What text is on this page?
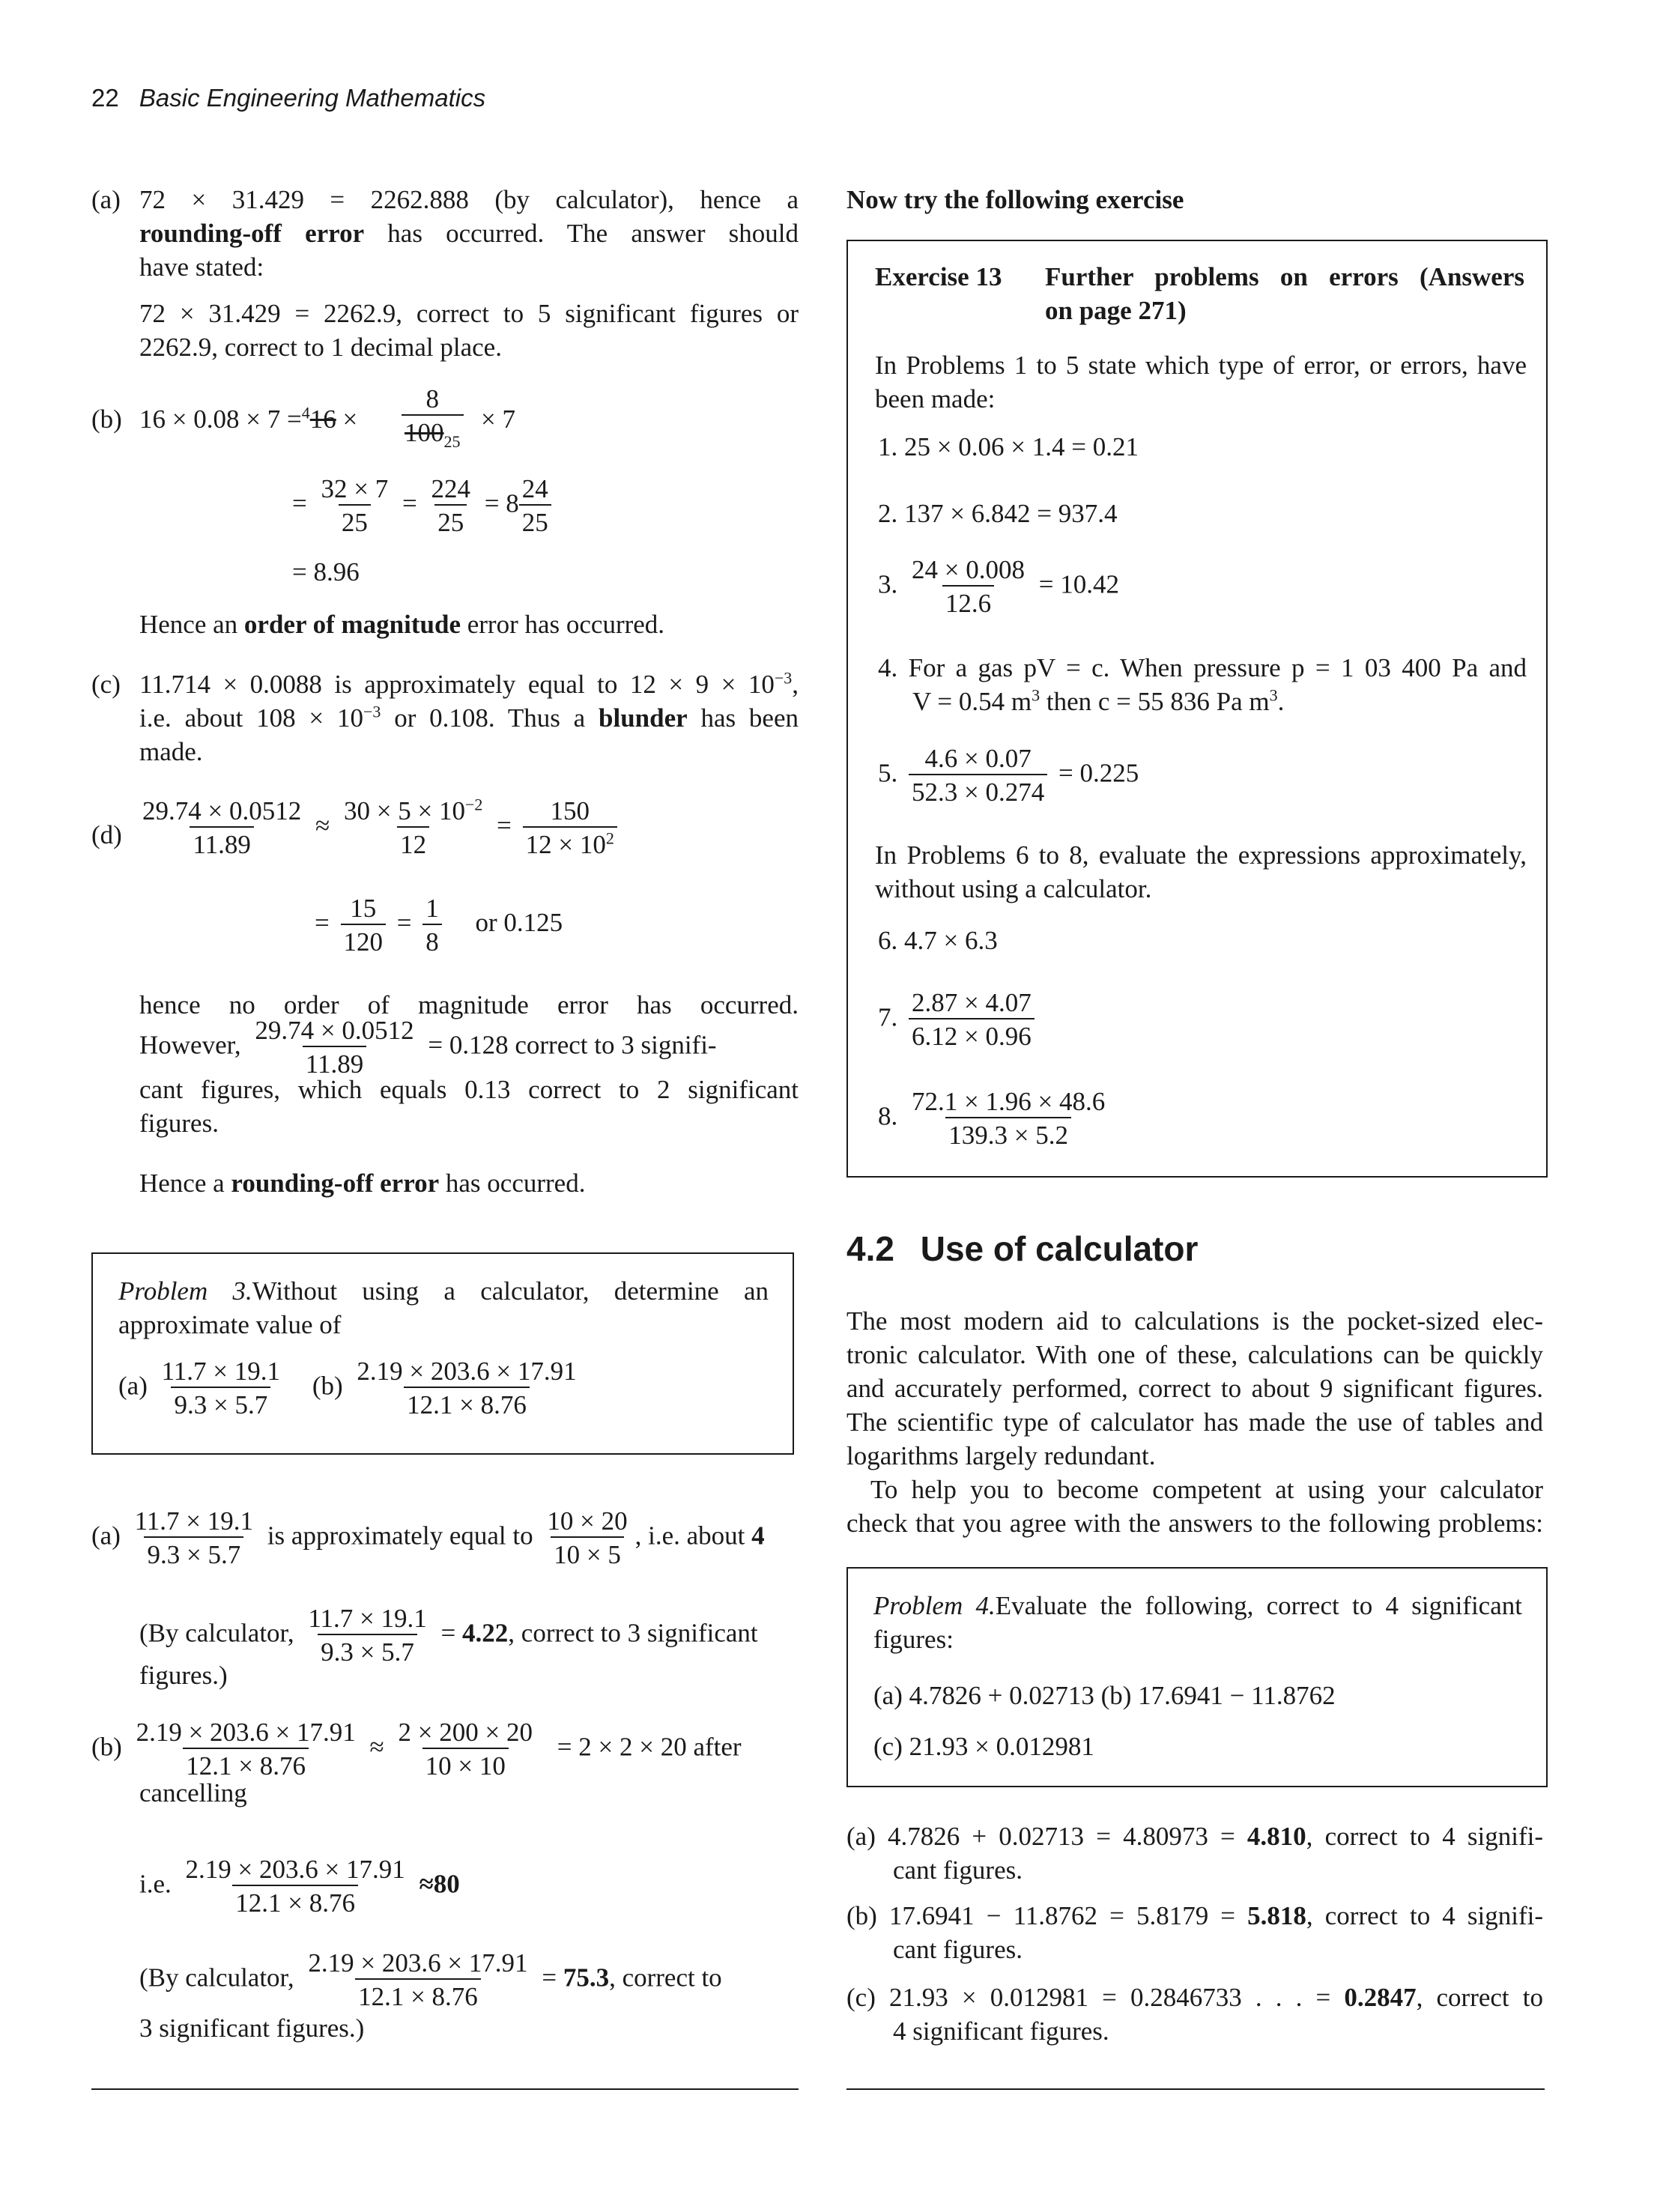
22 Basic Engineering Mathematics
(a) 72 × 31.429 = 2262.888 (by calculator), hence a
rounding-off error has occurred. The answer should
have stated:
72 × 31.429 = 2262.9, correct to 5 significant figures or
2262.9, correct to 1 decimal place.
(b) $16 \times 0.08 \times 7 =^416 \times \frac{8}{100_{25}} \times 7$
= $\frac{32 \times 7}{25} = \frac{224}{25} = 8 \frac{24}{25}$
= 8.96
Hence an order of magnitude error has occurred.
(c) 11.714 × 0.0088 is approximately equal to $12 \times 9 \times 10^{-3}$,
i.e. about $108 \times 10^{-3}$ or 0.108. Thus a blunder has been
made.
$(d) \frac{29.74 \times 0.0512}{11.89} \approx \frac{30 \times 5 \times 10^{-2}}{12} = \frac{150}{12 \times 10^2}$
= $\frac{15}{120} = \frac{1}{8}$ or 0.125
hence no order of magnitude error has occurred.
However, $\frac{29.74 \times 0.0512}{11.89} = 0.128$ correct to 3 signifi-
cant figures, which equals 0.13 correct to 2 significant
figures.
Hence a rounding-off error has occurred.
Problem 3.Without using a calculator, determine an
approximate value of
$(a) \frac{11.7 \times 19.1}{9.3 \times 5.7} (b) \frac{2.19 \times 203.6 \times 17.91}{12.1 \times 8.76}$
$(a) \frac{11.7 \times 19.1}{9.3 \times 5.7}$ is approximately equal to $\frac{10 \times 20}{10 \times 5}$ , i.e. about 4
(By calculator, $\frac{11.7 \times 19.1}{9.3 \times 5.7} = 4.22$, correct to 3 significant
figures.)
$(b) \frac{2.19 \times 203.6 \times 17.91}{12.1 \times 8.76} \approx \frac{2 \times 200 \times 20}{10 \times 10} = 2 \times 2 \times 20$ after
cancelling
i.e. $\frac{2.19 \times 203.6 \times 17.91}{12.1 \times 8.76} \approx 80$
(By calculator, $\frac{2.19 \times 203.6 \times 17.91}{12.1 \times 8.76} = 75.3$, correct to
3 significant figures.)
Now try the following exercise
Exercise 13 Further problems on errors (Answers
on page 271)
In Problems 1 to 5 state which type of error, or errors, have
been made:
1. 25 × 0.06 × 1.4 = 0.21
2. 137 × 6.842 = 937.4
3. $\frac{24 \times 0.008}{12.6} = 10.42$
4. For a gas pV = c. When pressure p = 1 03 400 Pa and
V = 0.54 $m^3$ then c = 55 836 Pa $m^3$.
5. $\frac{4.6 \times 0.07}{52.3 \times 0.274} = 0.225$
In Problems 6 to 8, evaluate the expressions approximately,
without using a calculator.
6. 4.7 × 6.3
7. $\frac{2.87 \times 4.07}{6.12 \times 0.96}$
8. $\frac{72.1 \times 1.96 \times 48.6}{139.3 \times 5.2}$
4.2 Use of calculator
The most modern aid to calculations is the pocket-sized elec-
tronic calculator. With one of these, calculations can be quickly
and accurately performed, correct to about 9 significant figures.
The scientific type of calculator has made the use of tables and
logarithms largely redundant.
To help you to become competent at using your calculator
check that you agree with the answers to the following problems:
Problem 4.Evaluate the following, correct to 4 significant
figures:
(a) 4.7826 + 0.02713 (b) 17.6941 − 11.8762
(c) 21.93 × 0.012981
(a) 4.7826 + 0.02713 = 4.80973 = 4.810, correct to 4 signifi-
cant figures.
(b) 17.6941 − 11.8762 = 5.8179 = 5.818, correct to 4 signifi-
cant figures.
(c) 21.93 × 0.012981 = 0.2846733 . . . = 0.2847, correct to
4 significant figures.
